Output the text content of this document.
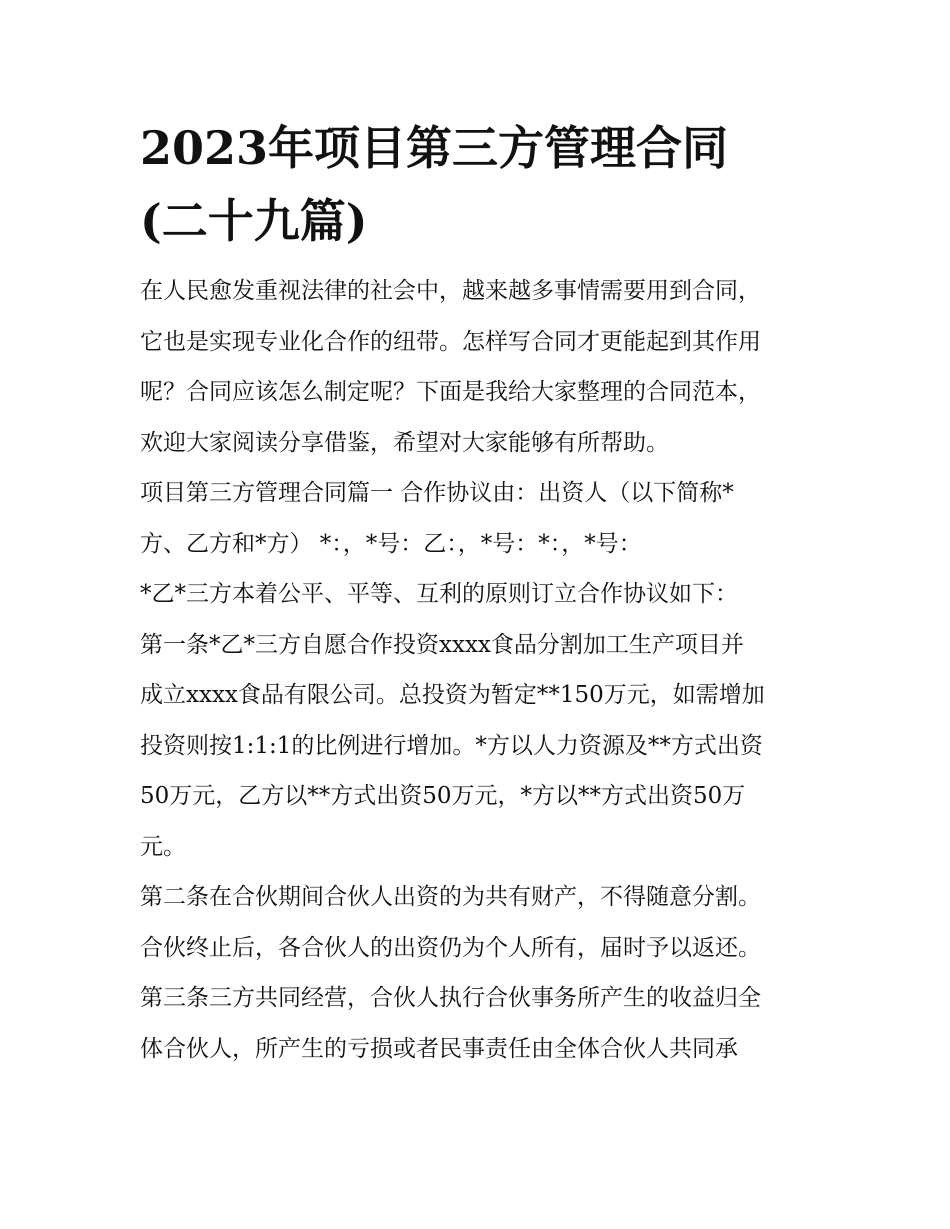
2023年项目第三方管理合同
(二十九篇)

在人民愈发重视法律的社会中，越来越多事情需要用到合同，
它也是实现专业化合作的纽带。怎样写合同才更能起到其作用
呢？合同应该怎么制定呢？下面是我给大家整理的合同范本，
欢迎大家阅读分享借鉴，希望对大家能够有所帮助。

项目第三方管理合同篇一 合作协议由：出资人（以下简称*
方、乙方和*方） *：，*号：乙：，*号：*：，*号：

*乙*三方本着公平、平等、互利的原则订立合作协议如下：

第一条*乙*三方自愿合作投资xxxx食品分割加工生产项目并
成立xxxx食品有限公司。总投资为暂定**150万元，如需增加
投资则按1:1:1的比例进行增加。*方以人力资源及**方式出资
50万元，乙方以**方式出资50万元，*方以**方式出资50万
元。

第二条在合伙期间合伙人出资的为共有财产，不得随意分割。
合伙终止后，各合伙人的出资仍为个人所有，届时予以返还。

第三条三方共同经营，合伙人执行合伙事务所产生的收益归全
体合伙人，所产生的亏损或者民事责任由全体合伙人共同承
